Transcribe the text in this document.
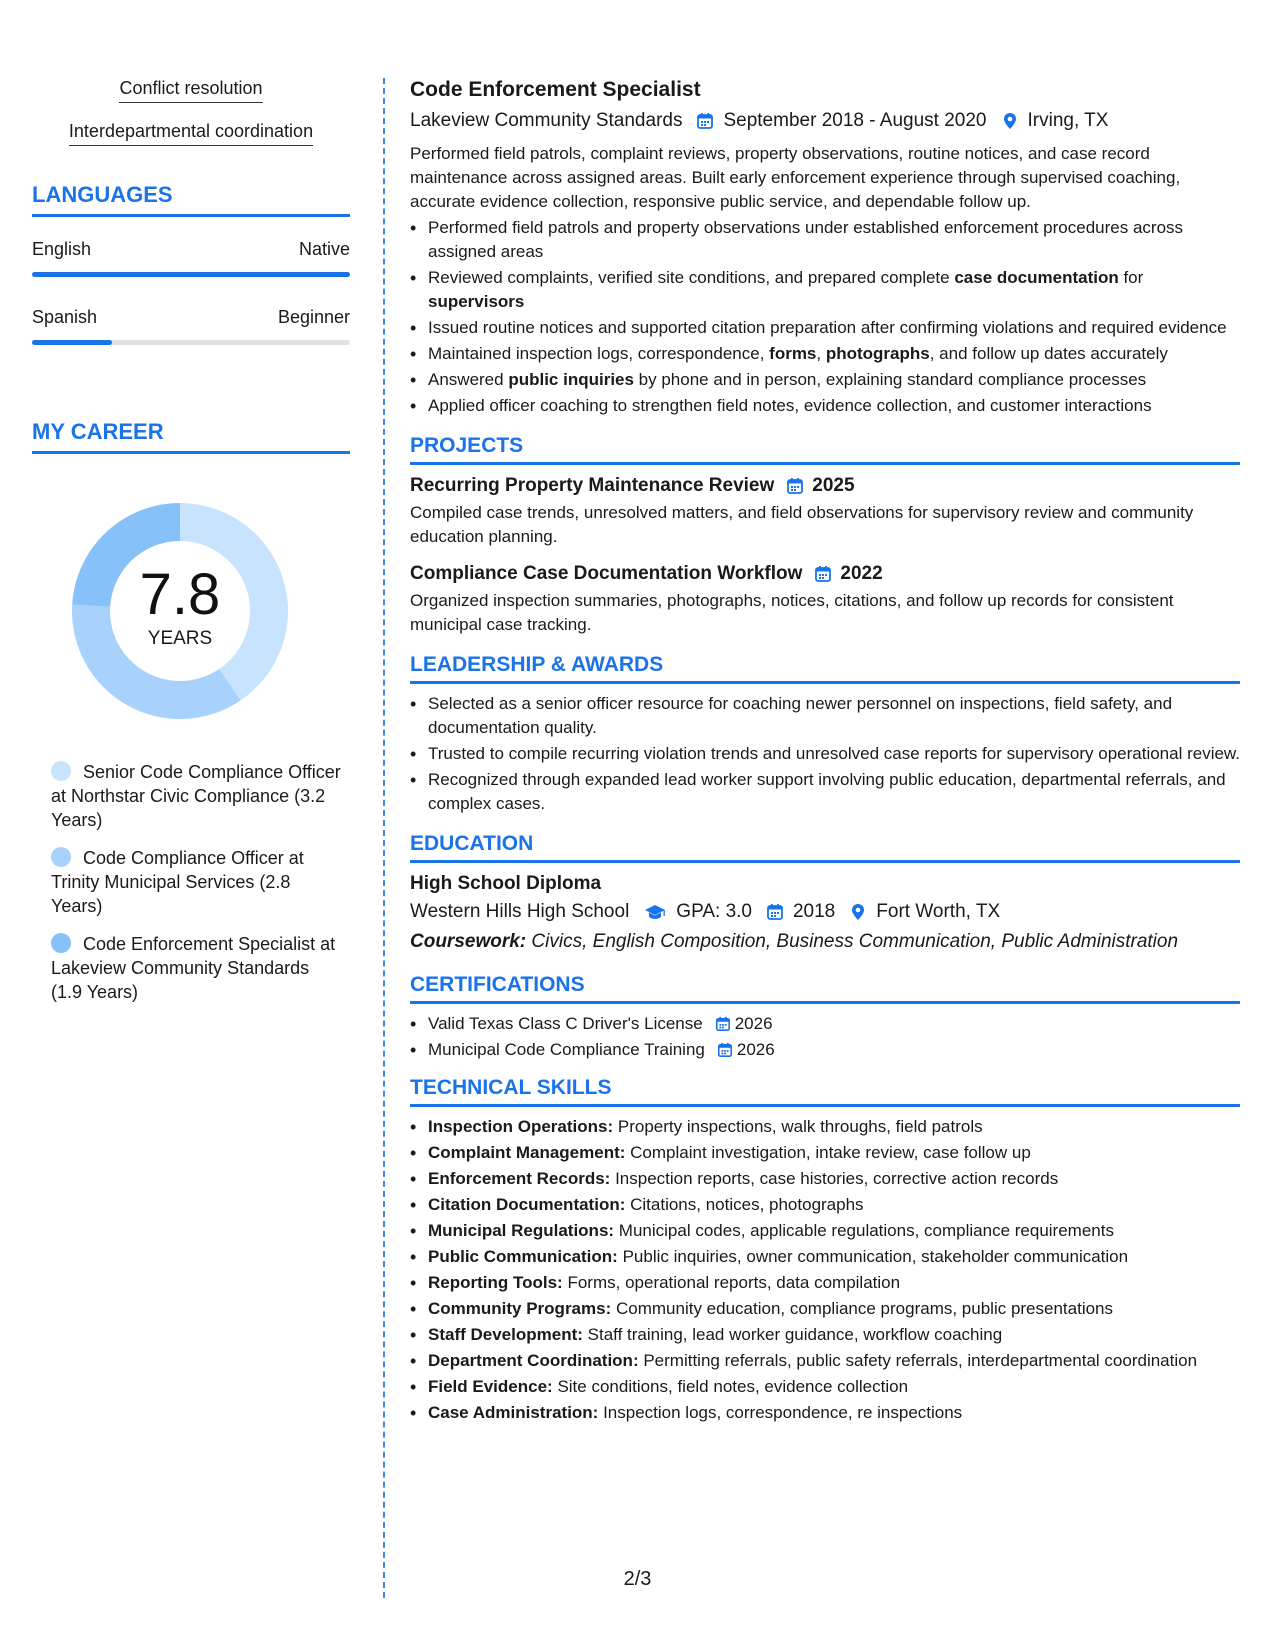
Conflict resolution
Interdepartmental coordination
LANGUAGES
English	Native
Spanish	Beginner
MY CAREER
7.8
YEARS
Senior Code Compliance Officer at Northstar Civic Compliance (3.2 Years)
Code Compliance Officer at Trinity Municipal Services (2.8 Years)
Code Enforcement Specialist at Lakeview Community Standards (1.9 Years)
Code Enforcement Specialist
Lakeview Community Standards September 2018 - August 2020 Irving, TX
Performed field patrols, complaint reviews, property observations, routine notices, and case record maintenance across assigned areas. Built early enforcement experience through supervised coaching, accurate evidence collection, responsive public service, and dependable follow up.
• Performed field patrols and property observations under established enforcement procedures across assigned areas
• Reviewed complaints, verified site conditions, and prepared complete case documentation for supervisors
• Issued routine notices and supported citation preparation after confirming violations and required evidence
• Maintained inspection logs, correspondence, forms, photographs, and follow up dates accurately
• Answered public inquiries by phone and in person, explaining standard compliance processes
• Applied officer coaching to strengthen field notes, evidence collection, and customer interactions
PROJECTS
Recurring Property Maintenance Review 2025
Compiled case trends, unresolved matters, and field observations for supervisory review and community education planning.
Compliance Case Documentation Workflow 2022
Organized inspection summaries, photographs, notices, citations, and follow up records for consistent municipal case tracking.
LEADERSHIP & AWARDS
• Selected as a senior officer resource for coaching newer personnel on inspections, field safety, and documentation quality.
• Trusted to compile recurring violation trends and unresolved case reports for supervisory operational review.
• Recognized through expanded lead worker support involving public education, departmental referrals, and complex cases.
EDUCATION
High School Diploma
Western Hills High School GPA: 3.0 2018 Fort Worth, TX
Coursework: Civics, English Composition, Business Communication, Public Administration
CERTIFICATIONS
• Valid Texas Class C Driver's License 2026
• Municipal Code Compliance Training 2026
TECHNICAL SKILLS
• Inspection Operations: Property inspections, walk throughs, field patrols
• Complaint Management: Complaint investigation, intake review, case follow up
• Enforcement Records: Inspection reports, case histories, corrective action records
• Citation Documentation: Citations, notices, photographs
• Municipal Regulations: Municipal codes, applicable regulations, compliance requirements
• Public Communication: Public inquiries, owner communication, stakeholder communication
• Reporting Tools: Forms, operational reports, data compilation
• Community Programs: Community education, compliance programs, public presentations
• Staff Development: Staff training, lead worker guidance, workflow coaching
• Department Coordination: Permitting referrals, public safety referrals, interdepartmental coordination
• Field Evidence: Site conditions, field notes, evidence collection
• Case Administration: Inspection logs, correspondence, re inspections
2/3
